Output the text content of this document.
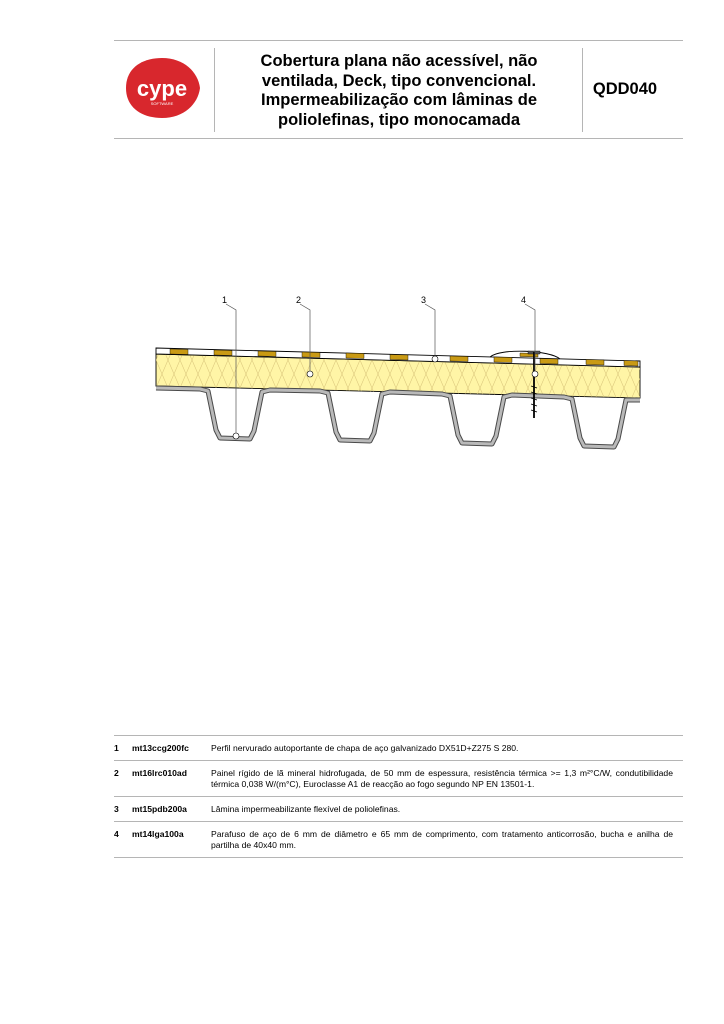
cype
SOFTWARE
Cobertura plana não acessível, não
ventilada, Deck, tipo convencional.
Impermeabilização com lâminas de
poliolefinas, tipo monocamada
QDD040
1	2	3	4
1	mt13ccg200fc	Perfil nervurado autoportante de chapa de aço galvanizado DX51D+Z275 S 280.
2	mt16lrc010ad	Painel rígido de lã mineral hidrofugada, de 50 mm de espessura, resistência térmica >= 1,3 m²°C/W, condutibilidade térmica 0,038 W/(m°C), Euroclasse A1 de reacção ao fogo segundo NP EN 13501-1.
3	mt15pdb200a	Lâmina impermeabilizante flexível de poliolefinas.
4	mt14lga100a	Parafuso de aço de 6 mm de diâmetro e 65 mm de comprimento, com tratamento anticorrosão, bucha e anilha de partilha de 40x40 mm.
